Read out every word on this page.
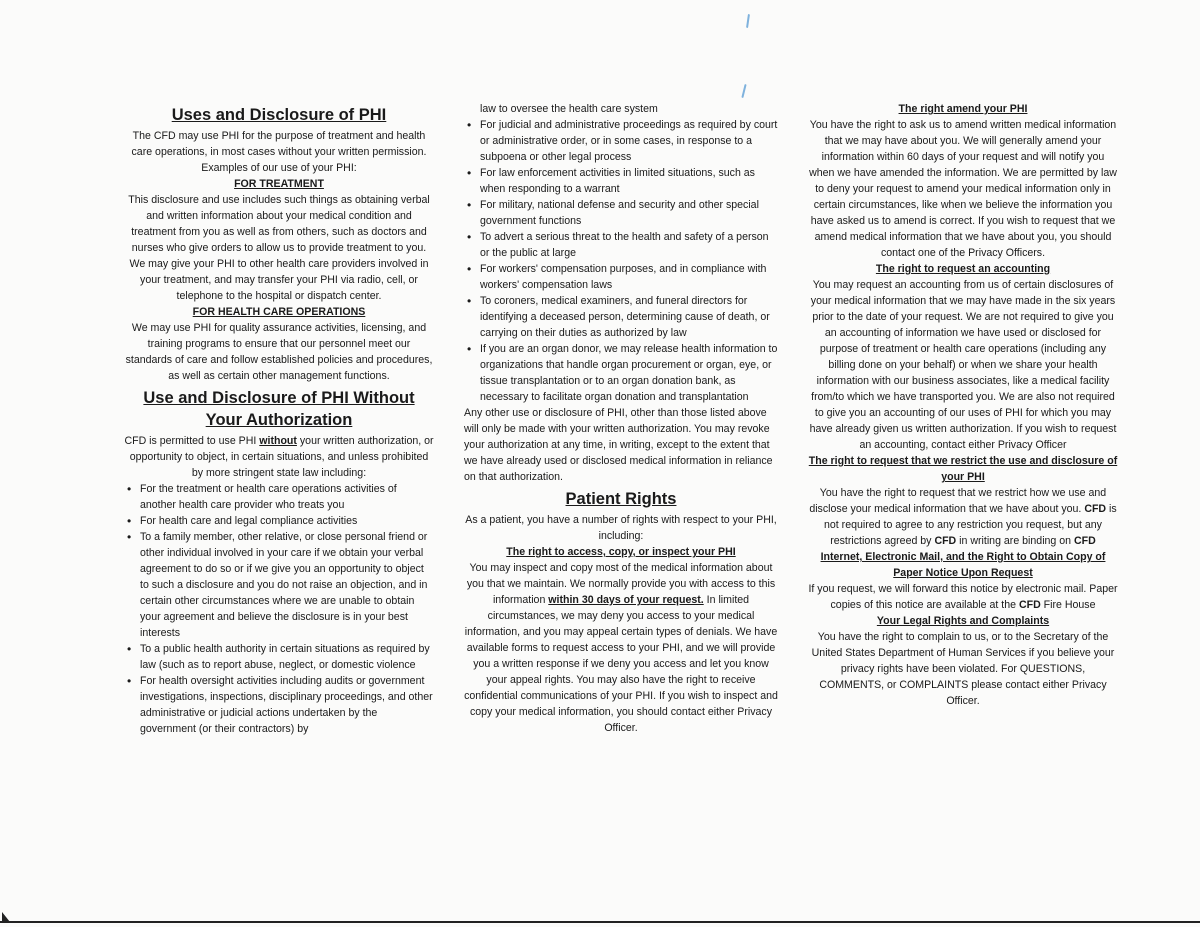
Uses and Disclosure of PHI

The CFD may use PHI for the purpose of treatment and health care operations, in most cases without your written permission.

Examples of our use of your PHI:

FOR TREATMENT

This disclosure and use includes such things as obtaining verbal and written information about your medical condition and treatment from you as well as from others, such as doctors and nurses who give orders to allow us to provide treatment to you. We may give your PHI to other health care providers involved in your treatment, and may transfer your PHI via radio, cell, or telephone to the hospital or dispatch center.

FOR HEALTH CARE OPERATIONS

We may use PHI for quality assurance activities, licensing, and training programs to ensure that our personnel meet our standards of care and follow established policies and procedures, as well as certain other management functions.

Use and Disclosure of PHI Without Your Authorization

CFD is permitted to use PHI without your written authorization, or opportunity to object, in certain situations, and unless prohibited by more stringent state law including:

• For the treatment or health care operations activities of another health care provider who treats you
• For health care and legal compliance activities
• To a family member, other relative, or close personal friend or other individual involved in your care if we obtain your verbal agreement to do so or if we give you an opportunity to object to such a disclosure and you do not raise an objection, and in certain other circumstances where we are unable to obtain your agreement and believe the disclosure is in your best interests
• To a public health authority in certain situations as required by law (such as to report abuse, neglect, or domestic violence
• For health oversight activities including audits or government investigations, inspections, disciplinary proceedings, and other administrative or judicial actions undertaken by the government (or their contractors) by

law to oversee the health care system

• For judicial and administrative proceedings as required by court or administrative order, or in some cases, in response to a subpoena or other legal process
• For law enforcement activities in limited situations, such as when responding to a warrant
• For military, national defense and security and other special government functions
• To advert a serious threat to the health and safety of a person or the public at large
• For workers' compensation purposes, and in compliance with workers' compensation laws
• To coroners, medical examiners, and funeral directors for identifying a deceased person, determining cause of death, or carrying on their duties as authorized by law
• If you are an organ donor, we may release health information to organizations that handle organ procurement or organ, eye, or tissue transplantation or to an organ donation bank, as necessary to facilitate organ donation and transplantation

Any other use or disclosure of PHI, other than those listed above will only be made with your written authorization. You may revoke your authorization at any time, in writing, except to the extent that we have already used or disclosed medical information in reliance on that authorization.

Patient Rights

As a patient, you have a number of rights with respect to your PHI, including:

The right to access, copy, or inspect your PHI

You may inspect and copy most of the medical information about you that we maintain. We normally provide you with access to this information within 30 days of your request. In limited circumstances, we may deny you access to your medical information, and you may appeal certain types of denials. We have available forms to request access to your PHI, and we will provide you a written response if we deny you access and let you know your appeal rights. You may also have the right to receive confidential communications of your PHI. If you wish to inspect and copy your medical information, you should contact either Privacy Officer.

The right amend your PHI

You have the right to ask us to amend written medical information that we may have about you. We will generally amend your information within 60 days of your request and will notify you when we have amended the information. We are permitted by law to deny your request to amend your medical information only in certain circumstances, like when we believe the information you have asked us to amend is correct. If you wish to request that we amend medical information that we have about you, you should contact one of the Privacy Officers.

The right to request an accounting

You may request an accounting from us of certain disclosures of your medical information that we may have made in the six years prior to the date of your request. We are not required to give you an accounting of information we have used or disclosed for purpose of treatment or health care operations (including any billing done on your behalf) or when we share your health information with our business associates, like a medical facility from/to which we have transported you. We are also not required to give you an accounting of our uses of PHI for which you may have already given us written authorization. If you wish to request an accounting, contact either Privacy Officer

The right to request that we restrict the use and disclosure of your PHI

You have the right to request that we restrict how we use and disclose your medical information that we have about you. CFD is not required to agree to any restriction you request, but any restrictions agreed by CFD in writing are binding on CFD

Internet, Electronic Mail, and the Right to Obtain Copy of Paper Notice Upon Request

If you request, we will forward this notice by electronic mail. Paper copies of this notice are available at the CFD Fire House

Your Legal Rights and Complaints

You have the right to complain to us, or to the Secretary of the United States Department of Human Services if you believe your privacy rights have been violated. For QUESTIONS, COMMENTS, or COMPLAINTS please contact either Privacy Officer.
